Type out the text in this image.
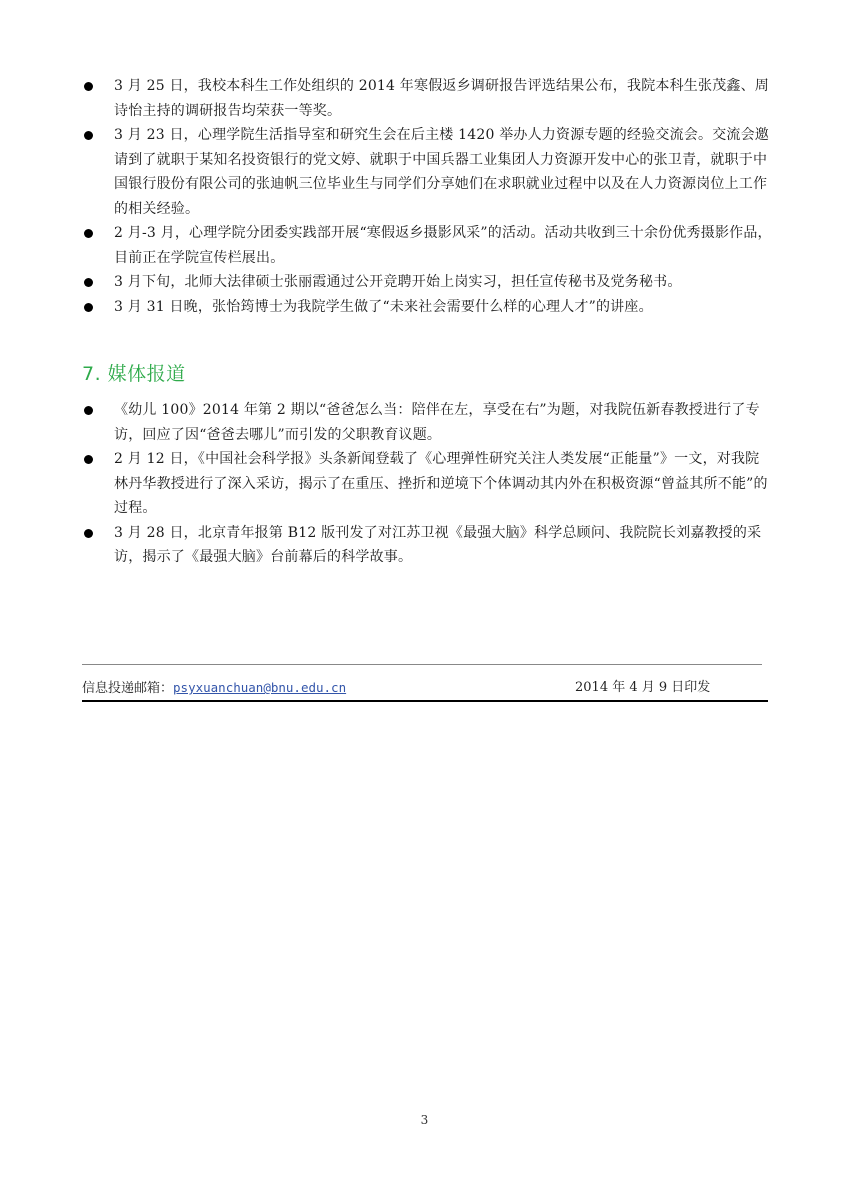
3 月 25 日，我校本科生工作处组织的 2014 年寒假返乡调研报告评选结果公布，我院本科生张茂鑫、周诗怡主持的调研报告均荣获一等奖。
3 月 23 日，心理学院生活指导室和研究生会在后主楼 1420 举办人力资源专题的经验交流会。交流会邀请到了就职于某知名投资银行的党文婷、就职于中国兵器工业集团人力资源开发中心的张卫青，就职于中国银行股份有限公司的张迪帆三位毕业生与同学们分享她们在求职就业过程中以及在人力资源岗位上工作的相关经验。
2 月-3 月，心理学院分团委实践部开展“寒假返乡摄影风采”的活动。活动共收到三十余份优秀摄影作品，目前正在学院宣传栏展出。
3 月下旬，北师大法律硕士张丽霞通过公开竞聘开始上岗实习，担任宣传秘书及党务秘书。
3 月 31 日晚，张怡筠博士为我院学生做了“未来社会需要什么样的心理人才”的讲座。
7. 媒体报道
《幼儿 100》2014 年第 2 期以“爸爸怎么当：陪伴在左，享受在右”为题，对我院伍新春教授进行了专访，回应了因“爸爸去哪儿”而引发的父职教育议题。
2 月 12 日，《中国社会科学报》头条新闻登载了《心理弹性研究关注人类发展“正能量”》一文，对我院林丹华教授进行了深入采访，揭示了在重压、挫折和逆境下个体调动其内外在积极资源“曾益其所不能”的过程。
3 月 28 日，北京青年报第 B12 版刊发了对江苏卫视《最强大脑》科学总顾问、我院院长刘嘉教授的采访，揭示了《最强大脑》台前幕后的科学故事。
信息投递邮箱：psyxuanchuan@bnu.edu.cn	2014 年 4 月 9 日印发
3
